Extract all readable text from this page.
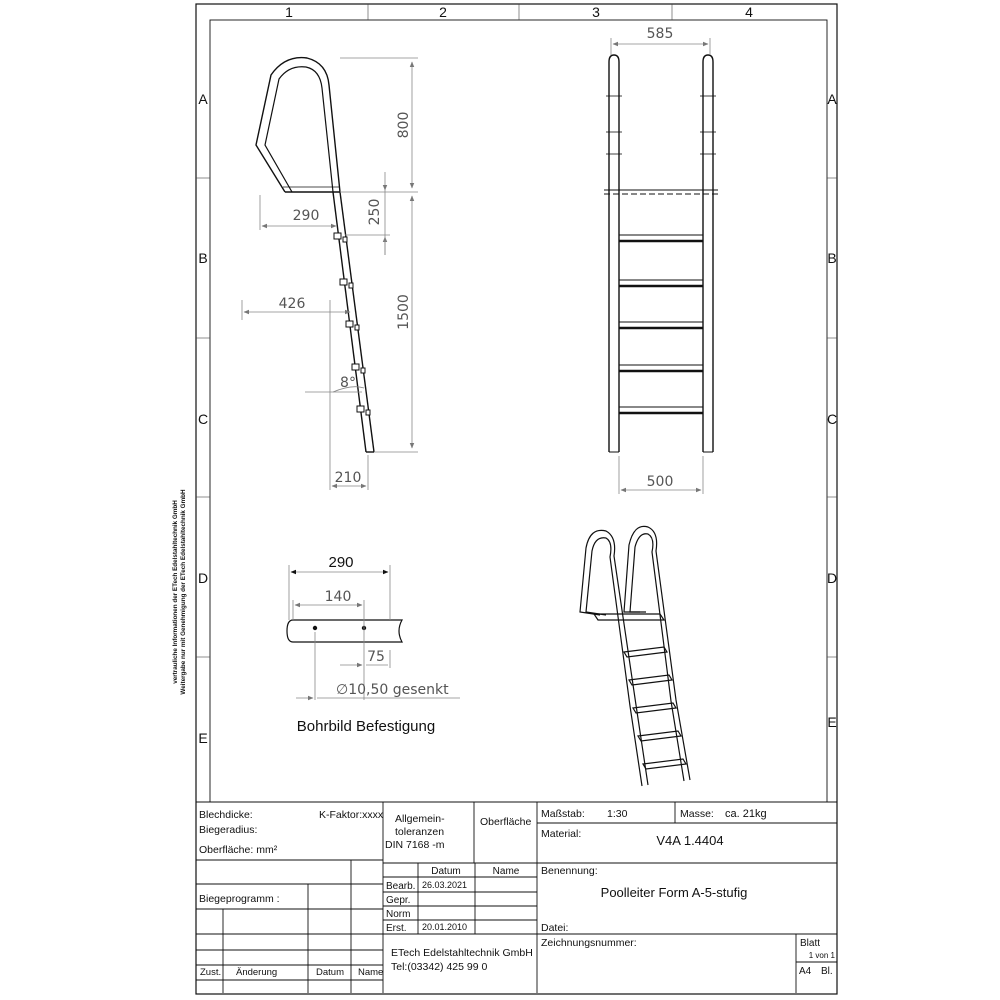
1	2	3	4
A
B
C
D
E
A
B
C
D
E
vertrauliche Informationen der ETech Edelstahltechnik GmbH Weitergabe nur mit Genehmigung der ETech Edelstahltechnik GmbH
800
250
1500
290
426
210
8°
585
500
290
140
75
∅10,50 gesenkt
Bohrbild Befestigung
Blechdicke:	K-Faktor:xxxx
Biegeradius:
Oberfläche: mm²
Allgemein-
toleranzen
DIN 7168 -m
Oberfläche
Maßstab: 1:30	Masse: ca. 21kg
Material:	V4A 1.4404
Datum	Name Benennung:
Poolleiter Form A-5-stufig
Bearb. 26.03.2021
Gepr.
Norm
Erst. 20.01.2010
Biegeprogramm :
Datei:
ETech Edelstahltechnik GmbH
Tel:(03342) 425 99 0
Zeichnungsnummer:	Blatt
1 von 1
A4 Bl.
Zust. Änderung	Datum Name
